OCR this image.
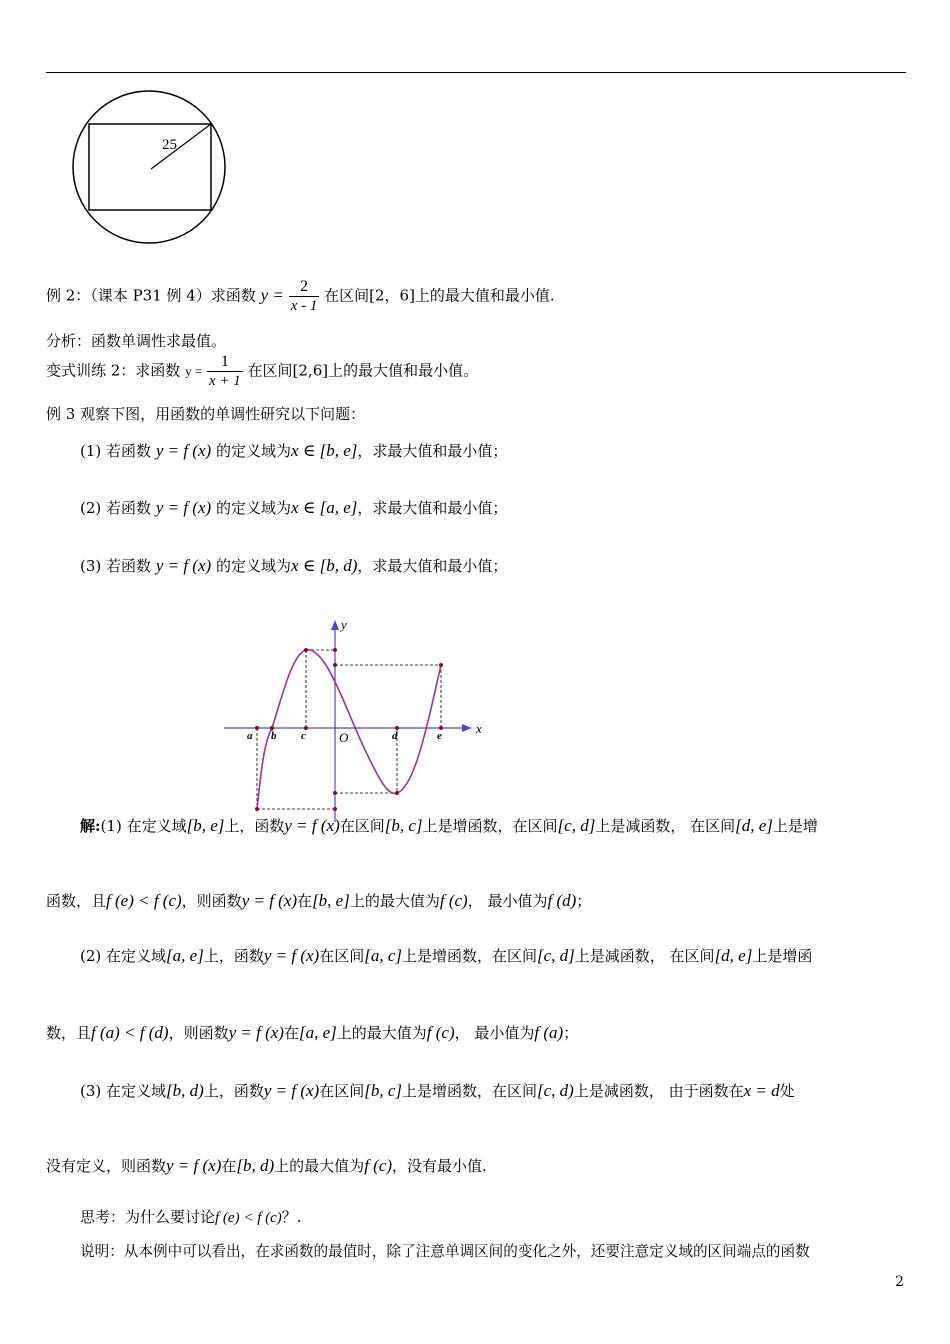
25
例 2：（课本 P31 例 4）求函数 $y = \frac{2}{x - 1}$ 在区间[2，6]上的最大值和最小值.
分析：函数单调性求最值。
变式训练 2：求函数 $y = \frac{1}{x + 1}$ 在区间[2,6]上的最大值和最小值。
例 3 观察下图，用函数的单调性研究以下问题：
(1) 若函数 y = f (x) 的定义域为x ∈ [b, e]，求最大值和最小值；
(2) 若函数 y = f (x) 的定义域为x ∈ [a, e]，求最大值和最小值；
(3) 若函数 y = f (x) 的定义域为x ∈ [b, d)，求最大值和最小值；
y
x
O
a b c	d	e
解:(1) 在定义域[b, e]上，函数y = f (x)在区间[b, c]上是增函数，在区间[c, d]上是减函数， 在区间[d, e]上是增
函数，且f (e) < f (c)，则函数y = f (x)在[b, e]上的最大值为f (c)， 最小值为f (d)；
(2) 在定义域[a, e]上，函数y = f (x)在区间[a, c]上是增函数，在区间[c, d]上是减函数， 在区间[d, e]上是增函
数，且f (a) < f (d)，则函数y = f (x)在[a, e]上的最大值为f (c)， 最小值为f (a)；
(3) 在定义域[b, d)上，函数y = f (x)在区间[b, c]上是增函数，在区间[c, d)上是减函数， 由于函数在x = d处
没有定义，则函数y = f (x)在[b, d)上的最大值为f (c)，没有最小值.
思考：为什么要讨论f (e) < f (c)？.
说明：从本例中可以看出，在求函数的最值时，除了注意单调区间的变化之外，还要注意定义域的区间端点的函数
2
